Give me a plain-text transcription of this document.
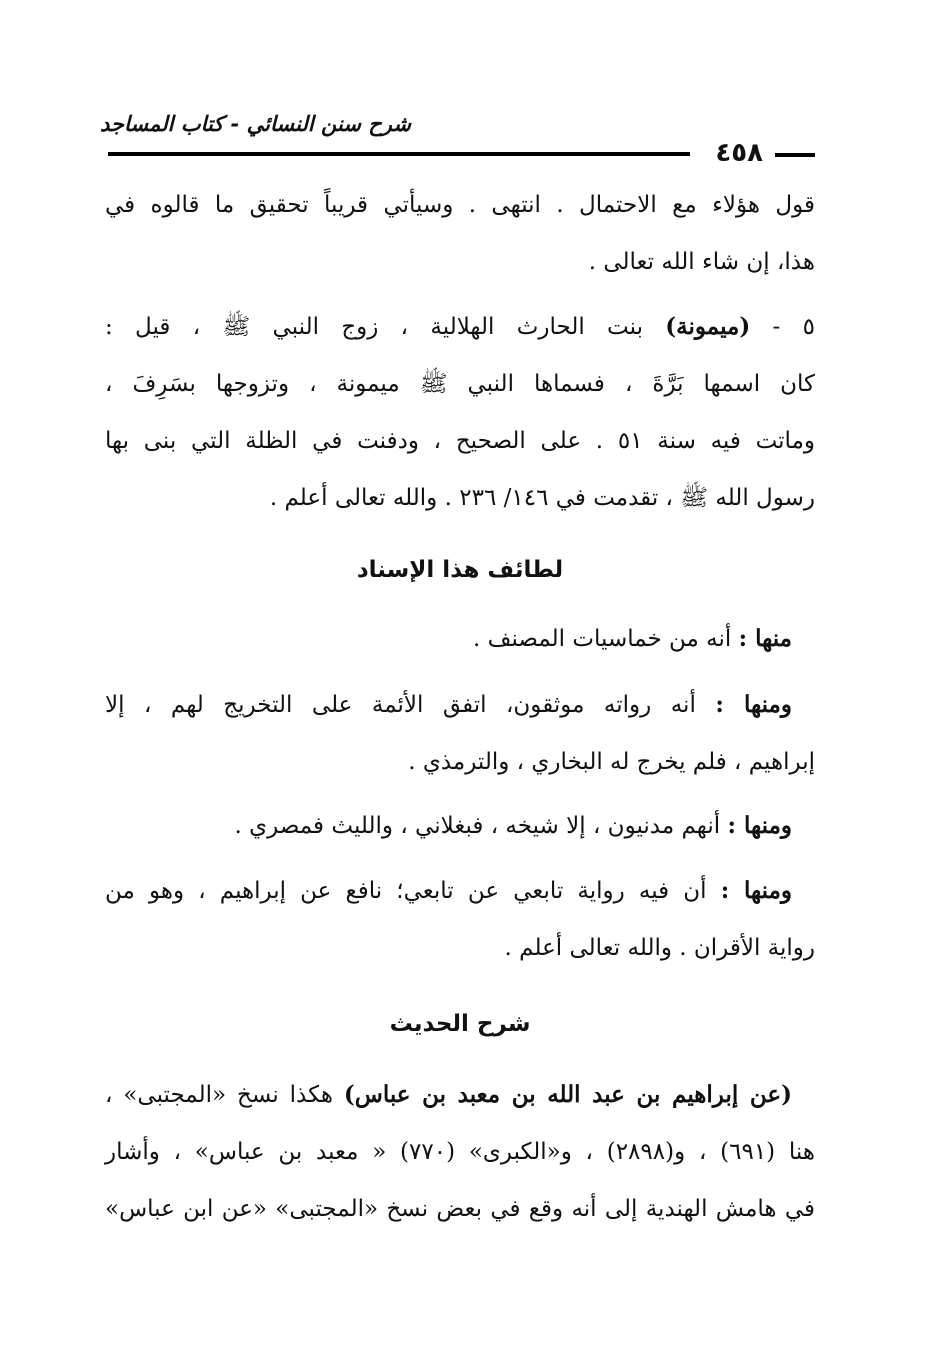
شرح سنن النسائي - كتاب المساجد
٤٥٨

قول هؤلاء مع الاحتمال . انتهى . وسيأتي قريباً تحقيق ما قالوه في
هذا، إن شاء الله تعالى .

٥ - (ميمونة) بنت الحارث الهلالية ، زوج النبي ﷺ ، قيل :
كان اسمها بَرَّةَ ، فسماها النبي ﷺ ميمونة ، وتزوجها بسَرِفَ ،
وماتت فيه سنة ٥١ . على الصحيح ، ودفنت في الظلة التي بنى بها
رسول الله ﷺ ، تقدمت في ١٤٦/ ٢٣٦ . والله تعالى أعلم .

لطائف هذا الإسناد

 منها : أنه من خماسيات المصنف .

 ومنها : أنه رواته موثقون، اتفق الأئمة على التخريج لهم ، إلا
إبراهيم ، فلم يخرج له البخاري ، والترمذي .

 ومنها : أنهم مدنيون ، إلا شيخه ، فبغلاني ، والليث فمصري .

 ومنها : أن فيه رواية تابعي عن تابعي؛ نافع عن إبراهيم ، وهو من
رواية الأقران . والله تعالى أعلم .

شرح الحديث

 (عن إبراهيم بن عبد الله بن معبد بن عباس) هكذا نسخ «المجتبى» ،
هنا (٦٩١) ، و(٢٨٩٨) ، و«الكبرى» (٧٧٠) « معبد بن عباس» ، وأشار
في هامش الهندية إلى أنه وقع في بعض نسخ «المجتبى» «عن ابن عباس»
